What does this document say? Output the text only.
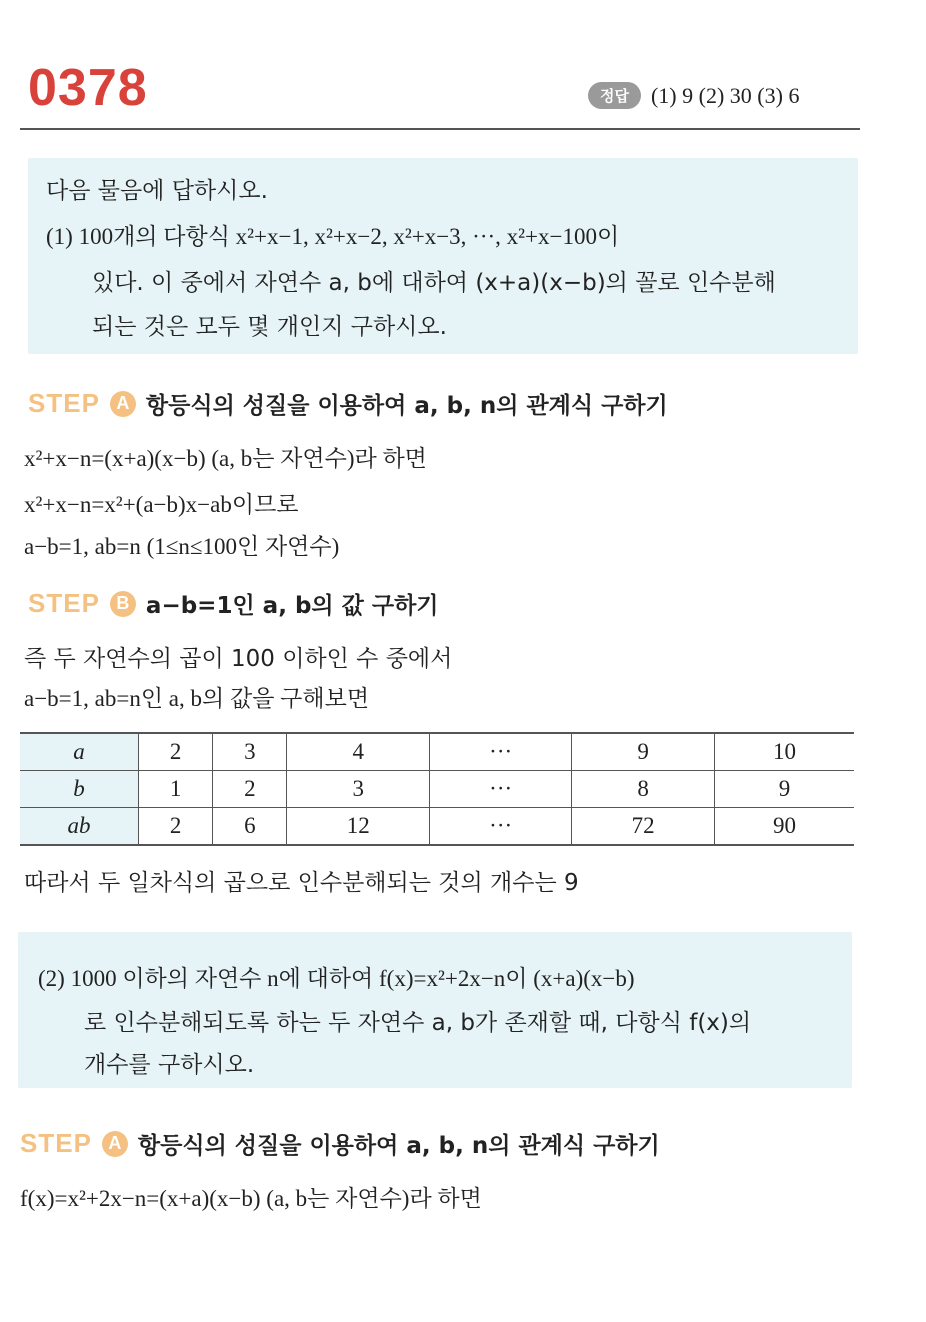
0378	정답	(1) 9 (2) 30 (3) 6
다음 물음에 답하시오.
(1) 100개의 다항식 x²+x−1, x²+x−2, x²+x−3, ···, x²+x−100이
있다. 이 중에서 자연수 a, b에 대하여 (x+a)(x−b)의 꼴로 인수분해
되는 것은 모두 몇 개인지 구하시오.
STEP A 항등식의 성질을 이용하여 a, b, n의 관계식 구하기
x²+x−n=(x+a)(x−b) (a, b는 자연수)라 하면
x²+x−n=x²+(a−b)x−ab이므로
a−b=1, ab=n (1≤n≤100인 자연수)
STEP B a−b=1인 a, b의 값 구하기
즉 두 자연수의 곱이 100 이하인 수 중에서
a−b=1, ab=n인 a, b의 값을 구해보면
a	2	3	4	···	9	10
b	1	2	3	···	8	9
ab	2	6	12	···	72	90
따라서 두 일차식의 곱으로 인수분해되는 것의 개수는 9
(2) 1000 이하의 자연수 n에 대하여 f(x)=x²+2x−n이 (x+a)(x−b)
로 인수분해되도록 하는 두 자연수 a, b가 존재할 때, 다항식 f(x)의
개수를 구하시오.
STEP A 항등식의 성질을 이용하여 a, b, n의 관계식 구하기
f(x)=x²+2x−n=(x+a)(x−b) (a, b는 자연수)라 하면
